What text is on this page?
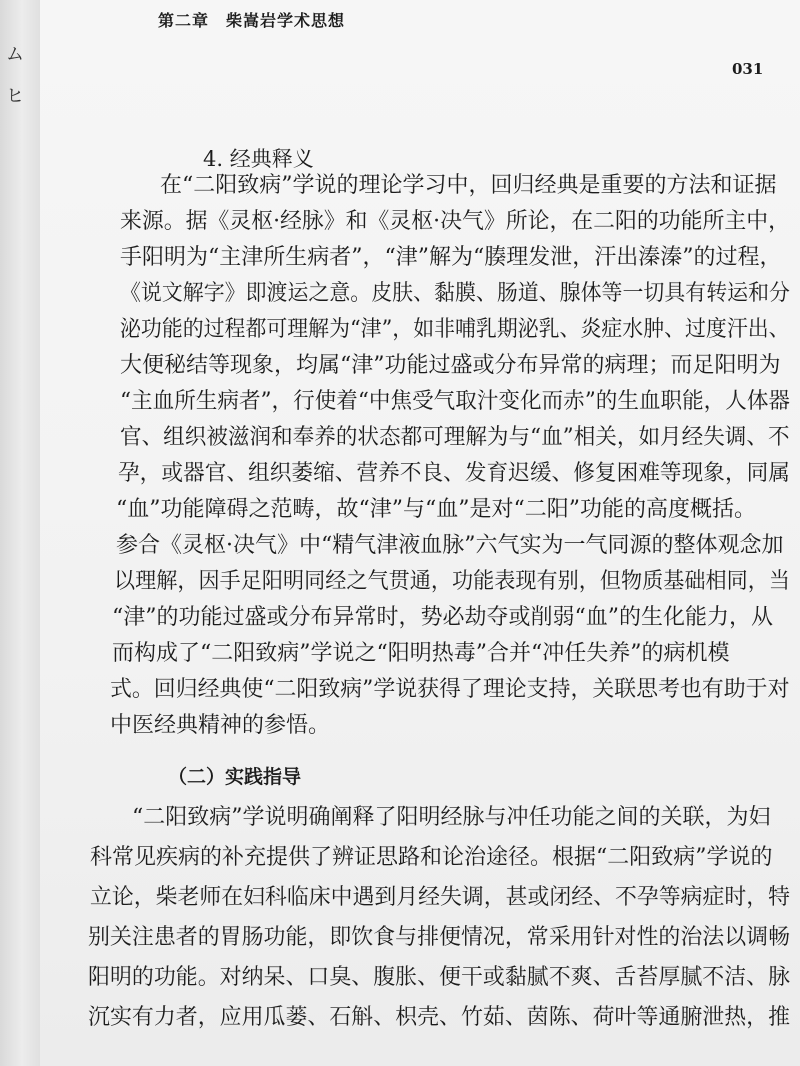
ム
ヒ
第二章　柴嵩岩学术思想
031
4. 经典释义
在“二阳致病”学说的理论学习中，回归经典是重要的方法和证据
来源。据《灵枢·经脉》和《灵枢·决气》所论，在二阳的功能所主中，
手阳明为“主津所生病者”，“津”解为“腠理发泄，汗出溱溱”的过程，
《说文解字》即渡运之意。皮肤、黏膜、肠道、腺体等一切具有转运和分
泌功能的过程都可理解为“津”，如非哺乳期泌乳、炎症水肿、过度汗出、
大便秘结等现象，均属“津”功能过盛或分布异常的病理；而足阳明为
“主血所生病者”，行使着“中焦受气取汁变化而赤”的生血职能，人体器
官、组织被滋润和奉养的状态都可理解为与“血”相关，如月经失调、不
孕，或器官、组织萎缩、营养不良、发育迟缓、修复困难等现象，同属
“血”功能障碍之范畴，故“津”与“血”是对“二阳”功能的高度概括。
参合《灵枢·决气》中“精气津液血脉”六气实为一气同源的整体观念加
以理解，因手足阳明同经之气贯通，功能表现有别，但物质基础相同，当
“津”的功能过盛或分布异常时，势必劫夺或削弱“血”的生化能力，从
而构成了“二阳致病”学说之“阳明热毒”合并“冲任失养”的病机模
式。回归经典使“二阳致病”学说获得了理论支持，关联思考也有助于对
中医经典精神的参悟。
（二）实践指导
“二阳致病”学说明确阐释了阳明经脉与冲任功能之间的关联，为妇
科常见疾病的补充提供了辨证思路和论治途径。根据“二阳致病”学说的
立论，柴老师在妇科临床中遇到月经失调，甚或闭经、不孕等病症时，特
别关注患者的胃肠功能，即饮食与排便情况，常采用针对性的治法以调畅
阳明的功能。对纳呆、口臭、腹胀、便干或黏腻不爽、舌苔厚腻不洁、脉
沉实有力者，应用瓜蒌、石斛、枳壳、竹茹、茵陈、荷叶等通腑泄热，推
